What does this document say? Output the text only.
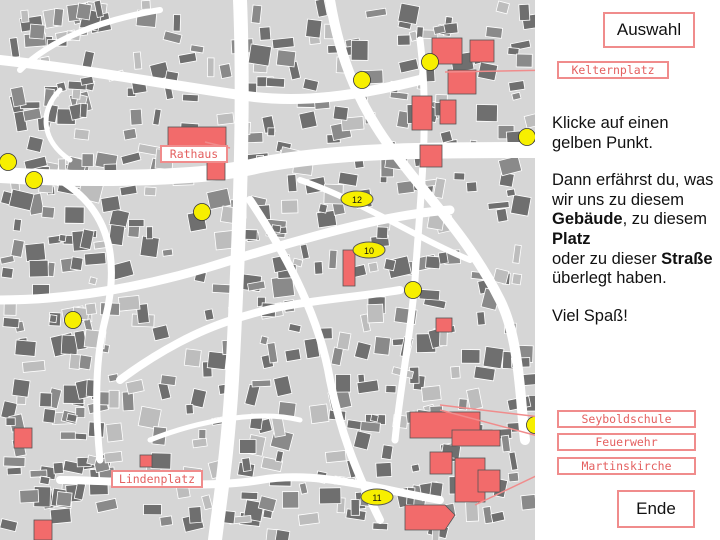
12
10
11
Auswahl
Ende
Kelternplatz
Rathaus
Lindenplatz
Seyboldschule
Feuerwehr
Martinskirche

Klicke auf einen gelben Punkt.

Dann erfährst du, was wir uns zu diesem Gebäude, zu diesem Platz
oder zu dieser Straße
überlegt haben.

Viel Spaß!
